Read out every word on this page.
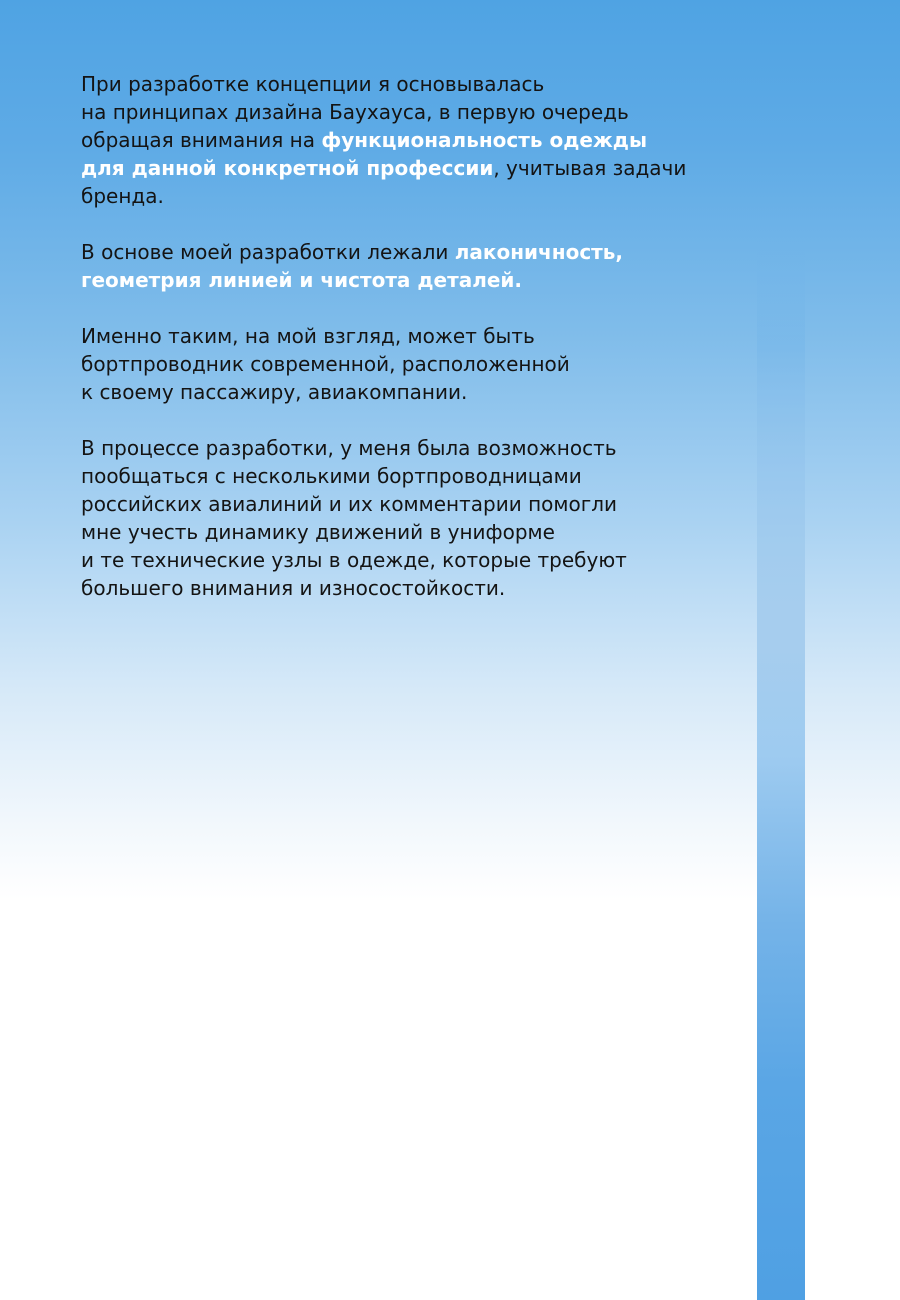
При разработке концепции я основывалась
на принципах дизайна Баухауса, в первую очередь
обращая внимания на функциональность одежды
для данной конкретной профессии, учитывая задачи
бренда.

В основе моей разработки лежали лаконичность,
геометрия линией и чистота деталей.

Именно таким, на мой взгляд, может быть
бортпроводник современной, расположенной
к своему пассажиру, авиакомпании.

В процессе разработки, у меня была возможность
пообщаться с несколькими бортпроводницами
российских авиалиний и их комментарии помогли
мне учесть динамику движений в униформе
и те технические узлы в одежде, которые требуют
большего внимания и износостойкости.
